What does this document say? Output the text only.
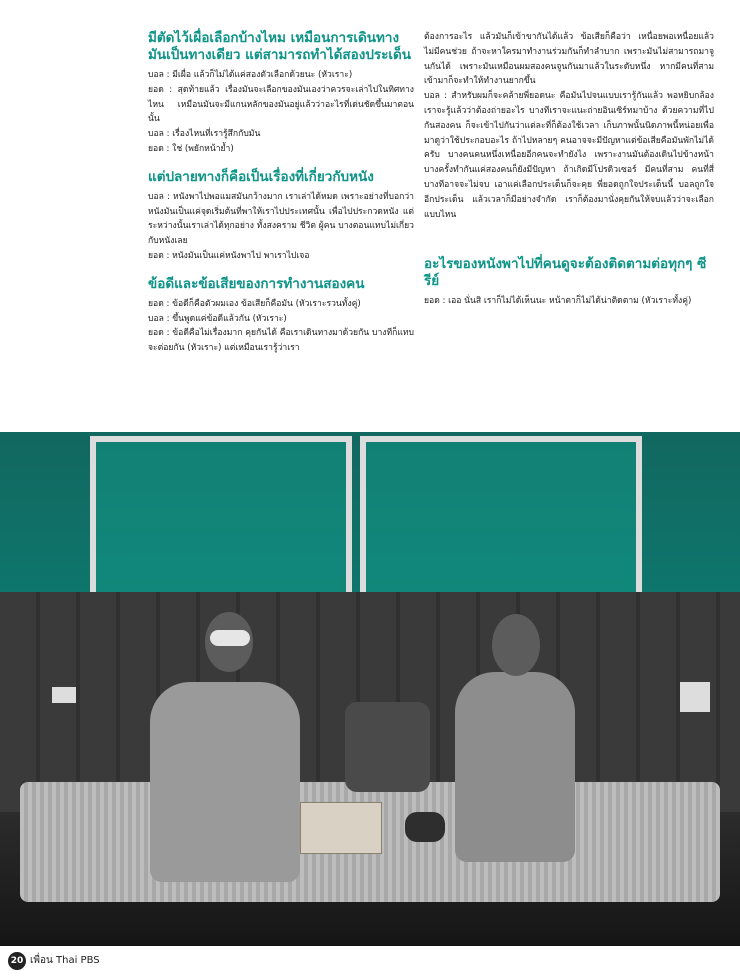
มีตัดไว้เผื่อเลือกบ้างไหม เหมือนการเดินทางมันเป็นทางเดียว แต่สามารถทำได้สองประเด็น

บอล : มีเผื่อ แล้วก็ไม่ได้แค่สองตัวเลือกด้วยนะ (หัวเราะ)

ยอด : สุดท้ายแล้ว เรื่องมันจะเลือกของมันเองว่าควรจะเล่าไปในทิศทางไหน เหมือนมันจะมีแกนหลักของมันอยู่แล้วว่าอะไรที่เด่นชัดขึ้นมาตอนนั้น

บอล : เรื่องไหนที่เรารู้สึกกับมัน

ยอด : ใช่ (พยักหน้าย้ำ)

แต่ปลายทางก็คือเป็นเรื่องที่เกี่ยวกับหนัง

บอล : หนังพาไปพอแมสมันกว้างมาก เราเล่าได้หมด เพราะอย่างที่บอกว่าหนังมันเป็นแค่จุดเริ่มต้นที่พาให้เราไปประเทศนั้น เพื่อไปประกวดหนัง แต่ระหว่างนั้นเราเล่าได้ทุกอย่าง ทั้งสงคราม ชีวิต ผู้คน บางตอนแทบไม่เกี่ยวกับหนังเลย

ยอด : หนังมันเป็นแค่หนังพาไป พาเราไปเจอ

ข้อดีและข้อเสียของการทำงานสองคน

ยอด : ข้อดีก็คือตัวผมเอง ข้อเสียก็คือมัน (หัวเราะรวนทั้งคู่)

บอล : ขึ้นพูดแค่ข้อดีแล้วกัน (หัวเราะ)

ยอด : ข้อดีคือไม่เรื่องมาก คุยกันได้ คือเราเดินทางมาด้วยกัน บางทีก็แทบจะต่อยกัน (หัวเราะ) แต่เหมือนเรารู้ว่าเรา

ต้องการอะไร แล้วมันก็เข้าขากันได้แล้ว ข้อเสียก็คือว่า เหนื่อยพอเหนื่อยแล้วไม่มีคนช่วย ถ้าจะหาใครมาทำงานร่วมกันก็ทำลำบาก เพราะมันไม่สามารถมาจูนกันได้ เพราะมันเหมือนผมสองคนจูนกันมาแล้วในระดับหนึ่ง หากมีคนที่สามเข้ามาก็จะทำให้ทำงานยากขึ้น

บอล : สำหรับผมก็จะคล้ายพี่ยอดนะ คือมันไปจนแบบเรารู้กันแล้ว พอหยิบกล้องเราจะรู้แล้วว่าต้องถ่ายอะไร บางทีเราจะแนะถ่ายอินเซิร์ทมาบ้าง ด้วยความที่ไปกันสองคน ก็จะเข้าไปกันว่าแต่ละที่ก็ต้องใช้เวลา เก็บภาพนั้นนิดภาพนี้หน่อยเพื่อมาดูว่าใช้ประกอบอะไร ถ้าไปหลายๆ คนอาจจะมีปัญหาแต่ข้อเสียคือมันพักไม่ได้ครับ บางคนคนหนึ่งเหนื่อยอีกคนจะทำยังไง เพราะงานมันต้องเดินไปข้างหน้า บางครั้งทำกันแค่สองคนก็ยังมีปัญหา ถ้าเกิดมีโปรดิวเซอร์ มีคนที่สาม คนที่สี่บางทีอาจจะไม่จบ เอาแค่เลือกประเด็นก็จะคุย พี่ยอดถูกใจประเด็นนี้ บอลถูกใจอีกประเด็น แล้วเวลาก็มีอย่างจำกัด เราก็ต้องมานั่งคุยกันให้จบแล้วว่าจะเลือกแบบไหน

อะไรของหนังพาไปที่คนดูจะต้องติดตามต่อทุกๆ ซีรีย์

ยอด : เออ นั่นสิ เราก็ไม่ได้เห็นนะ หน้าตาก็ไม่ได้น่าติดตาม (หัวเราะทั้งคู่)

20 เพื่อน Thai PBS
